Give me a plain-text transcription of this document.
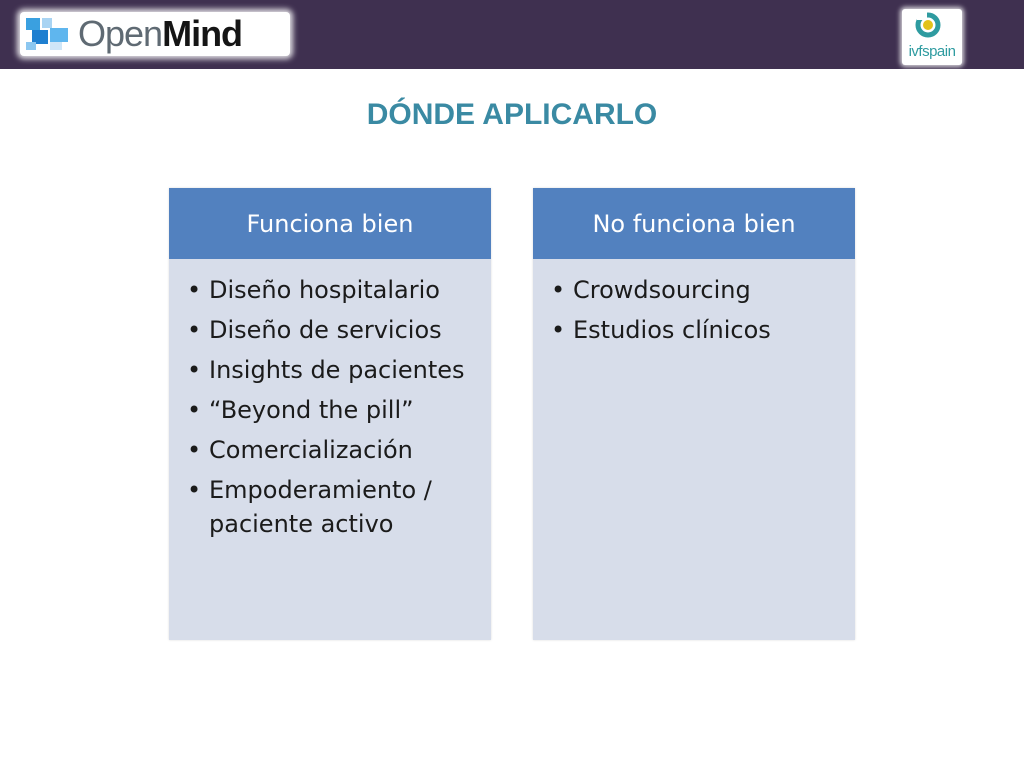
OpenMind	ivfspain
DÓNDE APLICARLO
Funciona bien
• Diseño hospitalario
• Diseño de servicios
• Insights de pacientes
• “Beyond the pill”
• Comercialización
• Empoderamiento / paciente activo
No funciona bien
• Crowdsourcing
• Estudios clínicos
